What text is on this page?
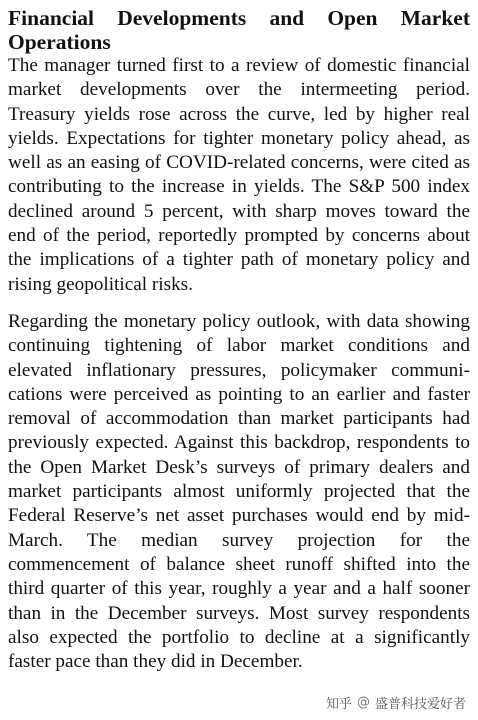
Financial Developments and Open Market Operations

The manager turned first to a review of domestic financial market developments over the intermeeting period. Treasury yields rose across the curve, led by higher real yields. Expectations for tighter monetary policy ahead, as well as an easing of COVID-related concerns, were cited as contributing to the increase in yields. The S&P 500 index declined around 5 percent, with sharp moves toward the end of the period, reportedly prompted by concerns about the implications of a tighter path of monetary policy and rising geopolitical risks.

Regarding the monetary policy outlook, with data showing continuing tightening of labor market conditions and elevated inflationary pressures, policymaker communications were perceived as pointing to an earlier and faster removal of accommodation than market participants had previously expected. Against this backdrop, respondents to the Open Market Desk’s surveys of primary dealers and market participants almost uniformly projected that the Federal Reserve’s net asset purchases would end by mid-March. The median survey projection for the commencement of balance sheet runoff shifted into the third quarter of this year, roughly a year and a half sooner than in the December surveys. Most survey respondents also expected the portfolio to decline at a significantly faster pace than they did in December.

知乎 @ 盛普科技爱好者
